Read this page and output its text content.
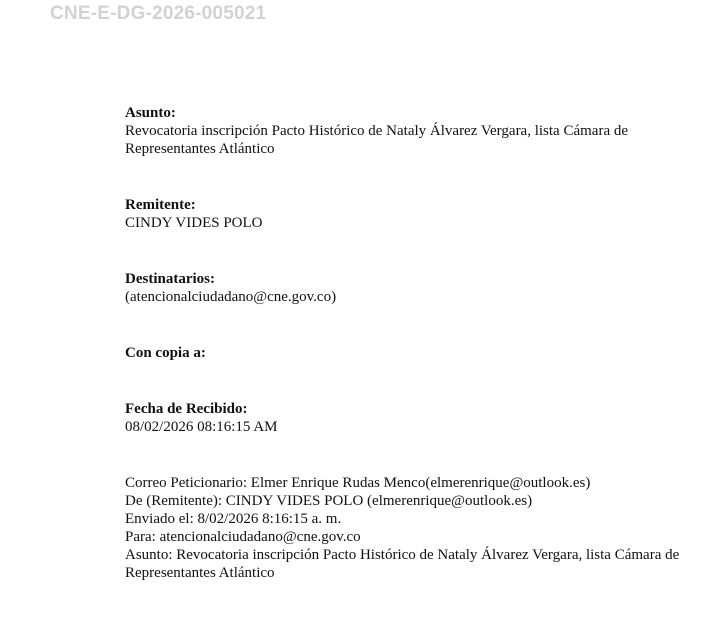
CNE-E-DG-2026-005021
Asunto:
Revocatoria inscripción Pacto Histórico de Nataly Álvarez Vergara, lista Cámara de Representantes Atlántico
Remitente:
CINDY VIDES POLO
Destinatarios:
(atencionalciudadano@cne.gov.co)
Con copia a:
Fecha de Recibido:
08/02/2026 08:16:15 AM
Correo Peticionario: Elmer Enrique Rudas Menco(elmerenrique@outlook.es)
De (Remitente): CINDY VIDES POLO (elmerenrique@outlook.es)
Enviado el: 8/02/2026 8:16:15 a. m.
Para: atencionalciudadano@cne.gov.co
Asunto: Revocatoria inscripción Pacto Histórico de Nataly Álvarez Vergara, lista Cámara de Representantes Atlántico
